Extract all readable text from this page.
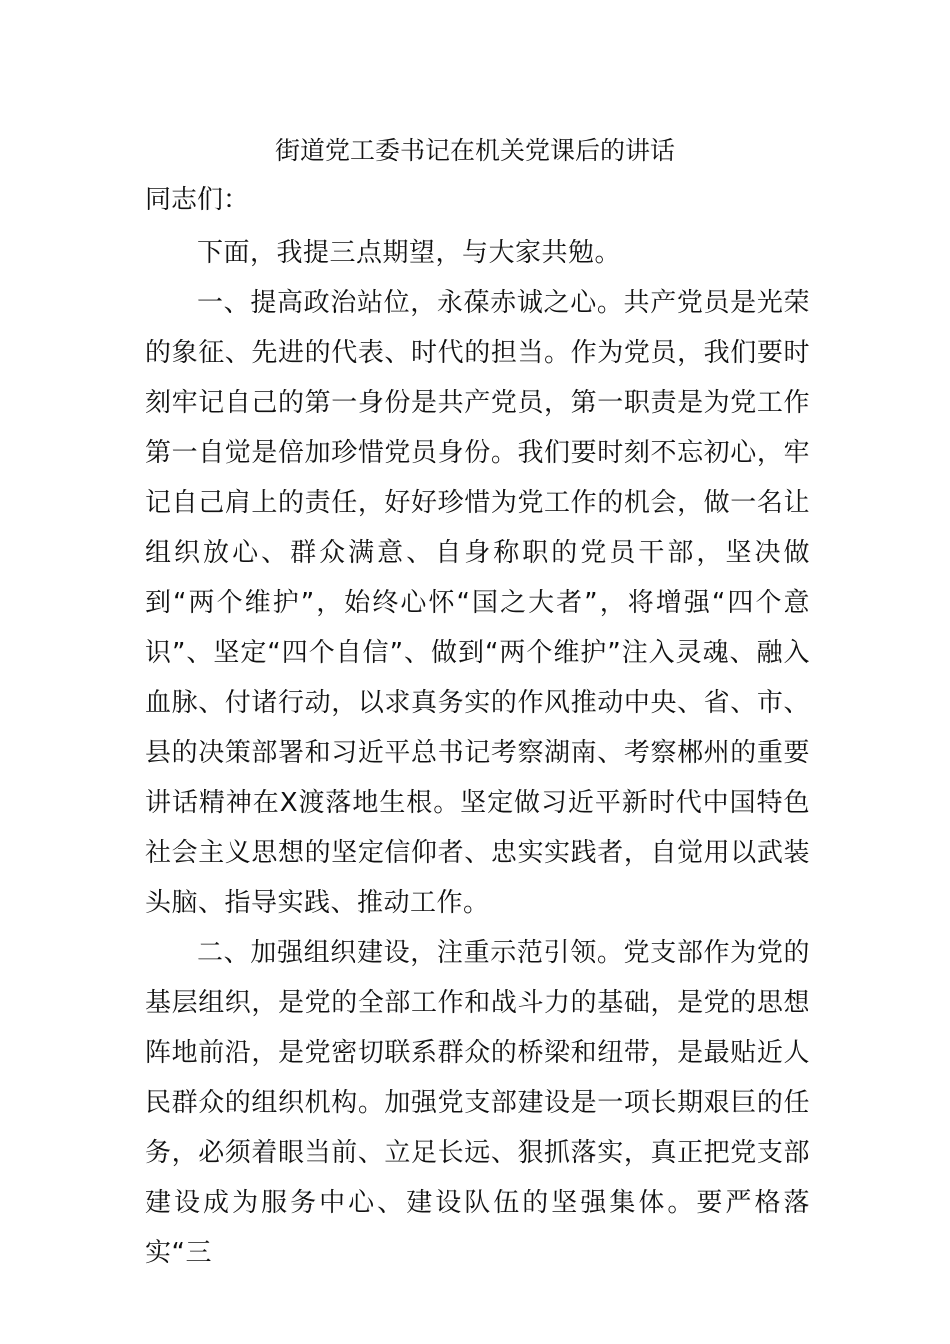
街道党工委书记在机关党课后的讲话

同志们：

下面，我提三点期望，与大家共勉。

一、提高政治站位，永葆赤诚之心。共产党员是光荣的象征、先进的代表、时代的担当。作为党员，我们要时刻牢记自己的第一身份是共产党员，第一职责是为党工作第一自觉是倍加珍惜党员身份。我们要时刻不忘初心，牢记自己肩上的责任，好好珍惜为党工作的机会，做一名让组织放心、群众满意、自身称职的党员干部，坚决做到“两个维护”，始终心怀“国之大者”，将增强“四个意识”、坚定“四个自信”、做到“两个维护”注入灵魂、融入血脉、付诸行动，以求真务实的作风推动中央、省、市、县的决策部署和习近平总书记考察湖南、考察郴州的重要讲话精神在X渡落地生根。坚定做习近平新时代中国特色社会主义思想的坚定信仰者、忠实实践者，自觉用以武装头脑、指导实践、推动工作。

二、加强组织建设，注重示范引领。党支部作为党的基层组织，是党的全部工作和战斗力的基础，是党的思想阵地前沿，是党密切联系群众的桥梁和纽带，是最贴近人民群众的组织机构。加强党支部建设是一项长期艰巨的任务，必须着眼当前、立足长远、狠抓落实，真正把党支部建设成为服务中心、建设队伍的坚强集体。要严格落实“三
